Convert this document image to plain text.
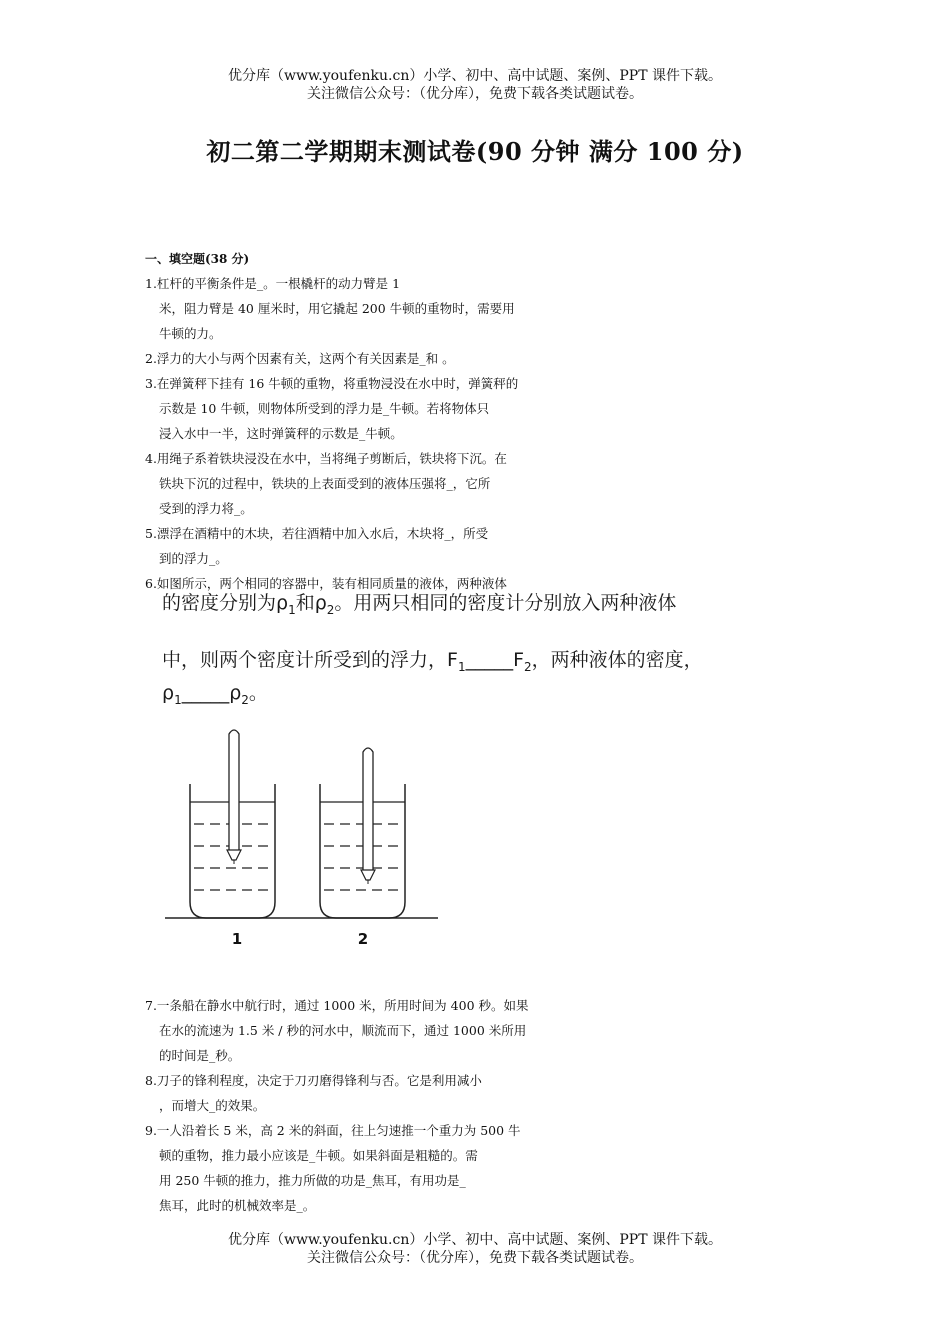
优分库（www.youfenku.cn）小学、初中、高中试题、案例、PPT 课件下载。
关注微信公众号：（优分库），免费下载各类试题试卷。
初二第二学期期末测试卷(90 分钟 满分 100 分)
一、填空题(38 分)
1.杠杆的平衡条件是_。一根橇杆的动力臂是 1
米，阻力臂是 40 厘米时，用它撬起 200 牛顿的重物时，需要用
牛顿的力。
2.浮力的大小与两个因素有关，这两个有关因素是_和 。
3.在弹簧秤下挂有 16 牛顿的重物，将重物浸没在水中时，弹簧秤的
示数是 10 牛顿，则物体所受到的浮力是_牛顿。若将物体只
浸入水中一半，这时弹簧秤的示数是_牛顿。
4.用绳子系着铁块浸没在水中，当将绳子剪断后，铁块将下沉。在
铁块下沉的过程中，铁块的上表面受到的液体压强将_，它所
受到的浮力将_。
5.漂浮在酒精中的木块，若往酒精中加入水后，木块将_，所受
到的浮力_。
6.如图所示，两个相同的容器中，装有相同质量的液体，两种液体
的密度分别为$\rho_1$和$\rho_2$。用两只相同的密度计分别放入两种液体
中，则两个密度计所受到的浮力，$F_1\_\_\_\_\_F_2$，两种液体的密度，
$\rho_1\_\_\_\_\_\rho_2$。
1	2
7.一条船在静水中航行时，通过 1000 米，所用时间为 400 秒。如果
在水的流速为 1.5 米 / 秒的河水中，顺流而下，通过 1000 米所用
的时间是_秒。
8.刀子的锋利程度，决定于刀刃磨得锋利与否。它是利用减小
，而增大_的效果。
9.一人沿着长 5 米，高 2 米的斜面，往上匀速推一个重力为 500 牛
顿的重物，推力最小应该是_牛顿。如果斜面是粗糙的。需
用 250 牛顿的推力，推力所做的功是_焦耳，有用功是_
焦耳，此时的机械效率是_。
优分库（www.youfenku.cn）小学、初中、高中试题、案例、PPT 课件下载。
关注微信公众号：（优分库），免费下载各类试题试卷。
